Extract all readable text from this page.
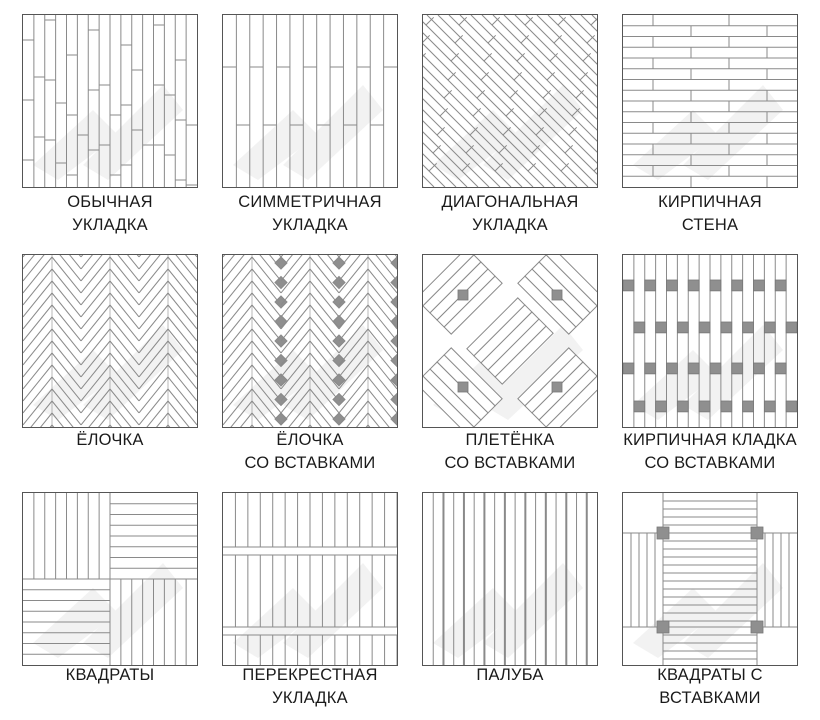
ОБЫЧНАЯ
УКЛАДКА
СИММЕТРИЧНАЯ
УКЛАДКА
ДИАГОНАЛЬНАЯ
УКЛАДКА
КИРПИЧНАЯ
СТЕНА
ЁЛОЧКА	ЁЛОЧКА
СО ВСТАВКАМИ
ПЛЕТЁНКА
СО ВСТАВКАМИ
КИРПИЧНАЯ КЛАДКА
СО ВСТАВКАМИ
КВАДРАТЫ	ПЕРЕКРЕСТНАЯ
УКЛАДКА
ПАЛУБА	КВАДРАТЫ С
ВСТАВКАМИ
